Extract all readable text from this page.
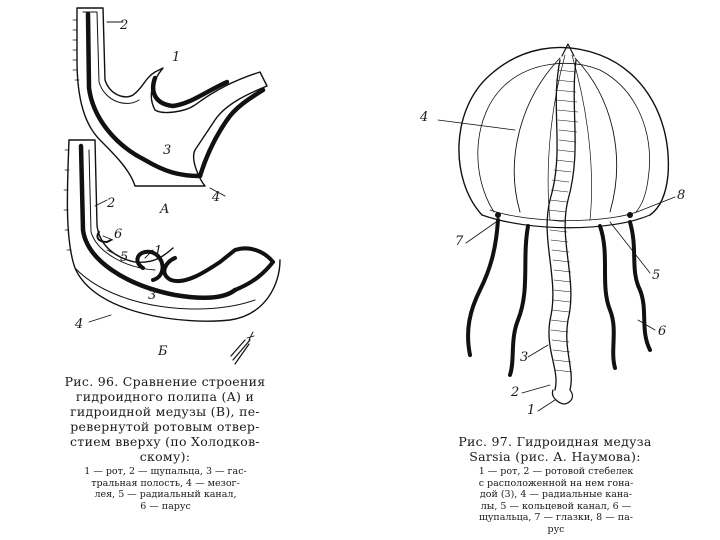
2
1
3
4
A
2
6
5 1
3
4
Б
Рис. 96. Сравнение строения
гидроидного полипа (A) и
гидроидной медузы (B), пе-
ревернутой ротовым отвер-
стием вверху (по Холодков-
скому):
1 — рот, 2 — щупальца, 3 — гас-
тральная полость, 4 — мезог-
лея, 5 — радиальный канал,
6 — парус
4
8
7
5
6
3
2
1
Рис. 97. Гидроидная медуза
Sarsia (рис. А. Наумова):
1 — рот, 2 — ротовой стебелек
с расположенной на нем гона-
дой (3), 4 — радиальные кана-
лы, 5 — кольцевой канал, 6 —
щупальца, 7 — глазки, 8 — па-
рус
